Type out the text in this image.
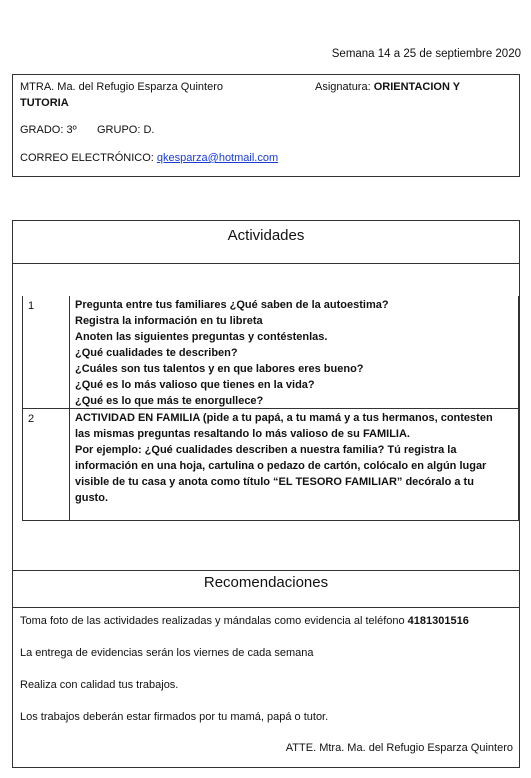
Semana 14 a 25 de septiembre 2020
MTRA. Ma. del Refugio Esparza Quintero	Asignatura: ORIENTACION Y
TUTORIA
GRADO: 3º GRUPO: D.
CORREO ELECTRÓNICO: qkesparza@hotmail.com
Actividades
1	Pregunta entre tus familiares ¿Qué saben de la autoestima?
Registra la información en tu libreta
Anoten las siguientes preguntas y contéstenlas.
¿Qué cualidades te describen?
¿Cuáles son tus talentos y en que labores eres bueno?
¿Qué es lo más valioso que tienes en la vida?
¿Qué es lo que más te enorgullece?
2	ACTIVIDAD EN FAMILIA (pide a tu papá, a tu mamá y a tus hermanos, contesten
las mismas preguntas resaltando lo más valioso de su FAMILIA.
Por ejemplo: ¿Qué cualidades describen a nuestra familia? Tú registra la
información en una hoja, cartulina o pedazo de cartón, colócalo en algún lugar
visible de tu casa y anota como título “EL TESORO FAMILIAR” decóralo a tu
gusto.
Recomendaciones
Toma foto de las actividades realizadas y mándalas como evidencia al teléfono 4181301516
La entrega de evidencias serán los viernes de cada semana
Realiza con calidad tus trabajos.
Los trabajos deberán estar firmados por tu mamá, papá o tutor.
ATTE. Mtra. Ma. del Refugio Esparza Quintero
